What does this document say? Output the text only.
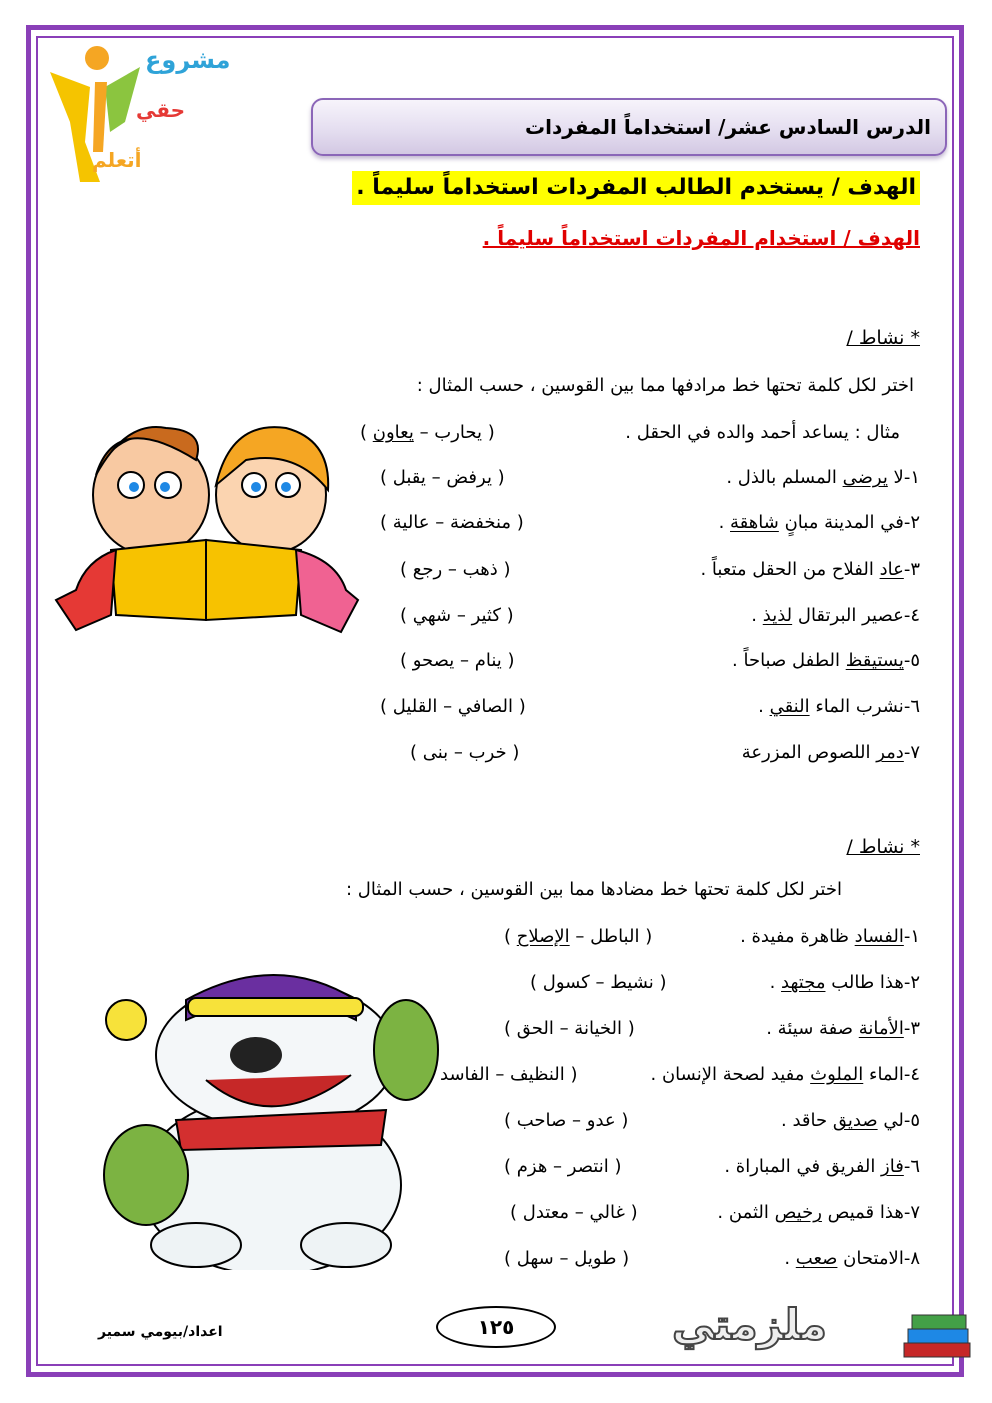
مشروع
حقي
أتعلم
الدرس السادس عشر/ استخداماً المفردات
الهدف / يستخدم الطالب المفردات استخداماً سليماً .
الهدف / استخدام المفردات استخداماً سليماً .
* نشاط /
اختر لكل كلمة تحتها خط مرادفها مما بين القوسين ، حسب المثال :
مثال : يساعد أحمد والده في الحقل .
( يحارب – يعاون )
١-لا يرضى المسلم بالذل .
( يرفض – يقبل )
٢-في المدينة مبانٍ شاهقة .
( منخفضة – عالية )
٣-عاد الفلاح من الحقل متعباً .
( ذهب – رجع )
٤-عصير البرتقال لذيذ .
( كثير – شهي )
٥-يستيقظ الطفل صباحاً .
( ينام – يصحو )
٦-نشرب الماء النقي .
( الصافي – القليل )
٧-دمر اللصوص المزرعة
( خرب – بنى )
* نشاط /
اختر لكل كلمة تحتها خط مضادها مما بين القوسين ، حسب المثال :
١-الفساد ظاهرة مفيدة .
( الباطل – الإصلاح )
٢-هذا طالب مجتهد .
( نشيط – كسول )
٣-الأمانة صفة سيئة .
( الخيانة – الحق )
٤-الماء الملوث مفيد لصحة الإنسان .
( النظيف – الفاسد
٥-لي صديق حاقد .
( عدو – صاحب )
٦-فاز الفريق في المباراة .
( انتصر – هزم )
٧-هذا قميص رخيص الثمن .
( غالي – معتدل )
٨-الامتحان صعب .
( طويل – سهل )
١٢٥
اعداد/بيومي سمير	ملزمتي
